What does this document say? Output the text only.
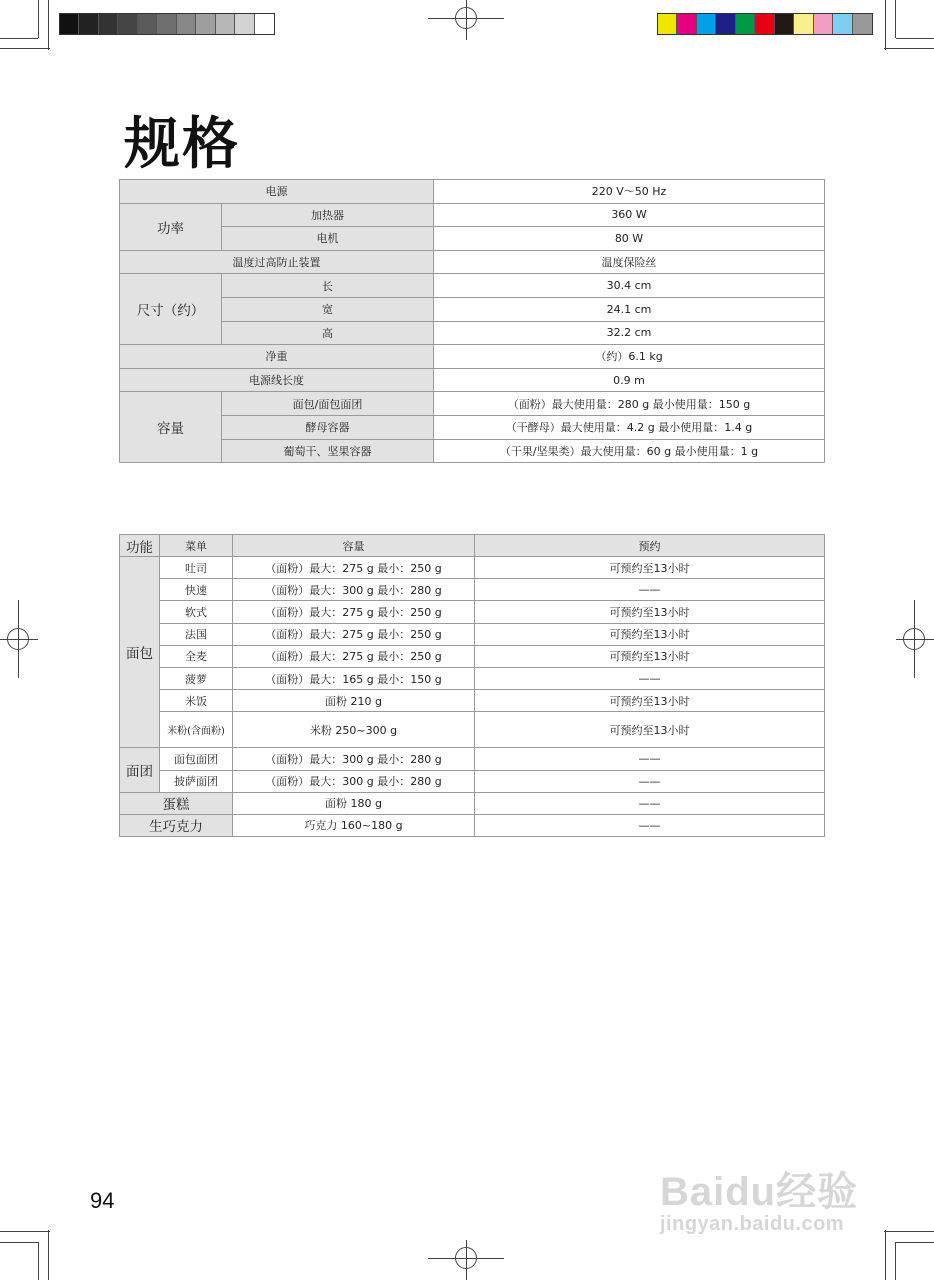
规格
电源		220 V～50 Hz
功率	加热器	360 W
	电机	80 W
温度过高防止装置		温度保险丝
尺寸（约）	长	30.4 cm
	宽	24.1 cm
	高	32.2 cm
净重		（约）6.1 kg
电源线长度		0.9 m
容量	面包/面包面团	（面粉）最大使用量：280 g 最小使用量：150 g
	酵母容器	（干酵母）最大使用量：4.2 g 最小使用量：1.4 g
	葡萄干、坚果容器	（干果/坚果类）最大使用量：60 g 最小使用量：1 g
功能	菜单	容量	预约
面包	吐司	（面粉）最大：275 g 最小：250 g	可预约至13小时
	快速	（面粉）最大：300 g 最小：280 g	——
	软式	（面粉）最大：275 g 最小：250 g	可预约至13小时
	法国	（面粉）最大：275 g 最小：250 g	可预约至13小时
	全麦	（面粉）最大：275 g 最小：250 g	可预约至13小时
	菠萝	（面粉）最大：165 g 最小：150 g	——
	米饭	面粉 210 g	可预约至13小时
	米粉(含面粉)	米粉 250~300 g	可预约至13小时
面团	面包面团	（面粉）最大：300 g 最小：280 g	——
	披萨面团	（面粉）最大：300 g 最小：280 g	——
蛋糕		面粉 180 g	——
生巧克力		巧克力 160~180 g	——
94	Baidu经验
jingyan.baidu.com
